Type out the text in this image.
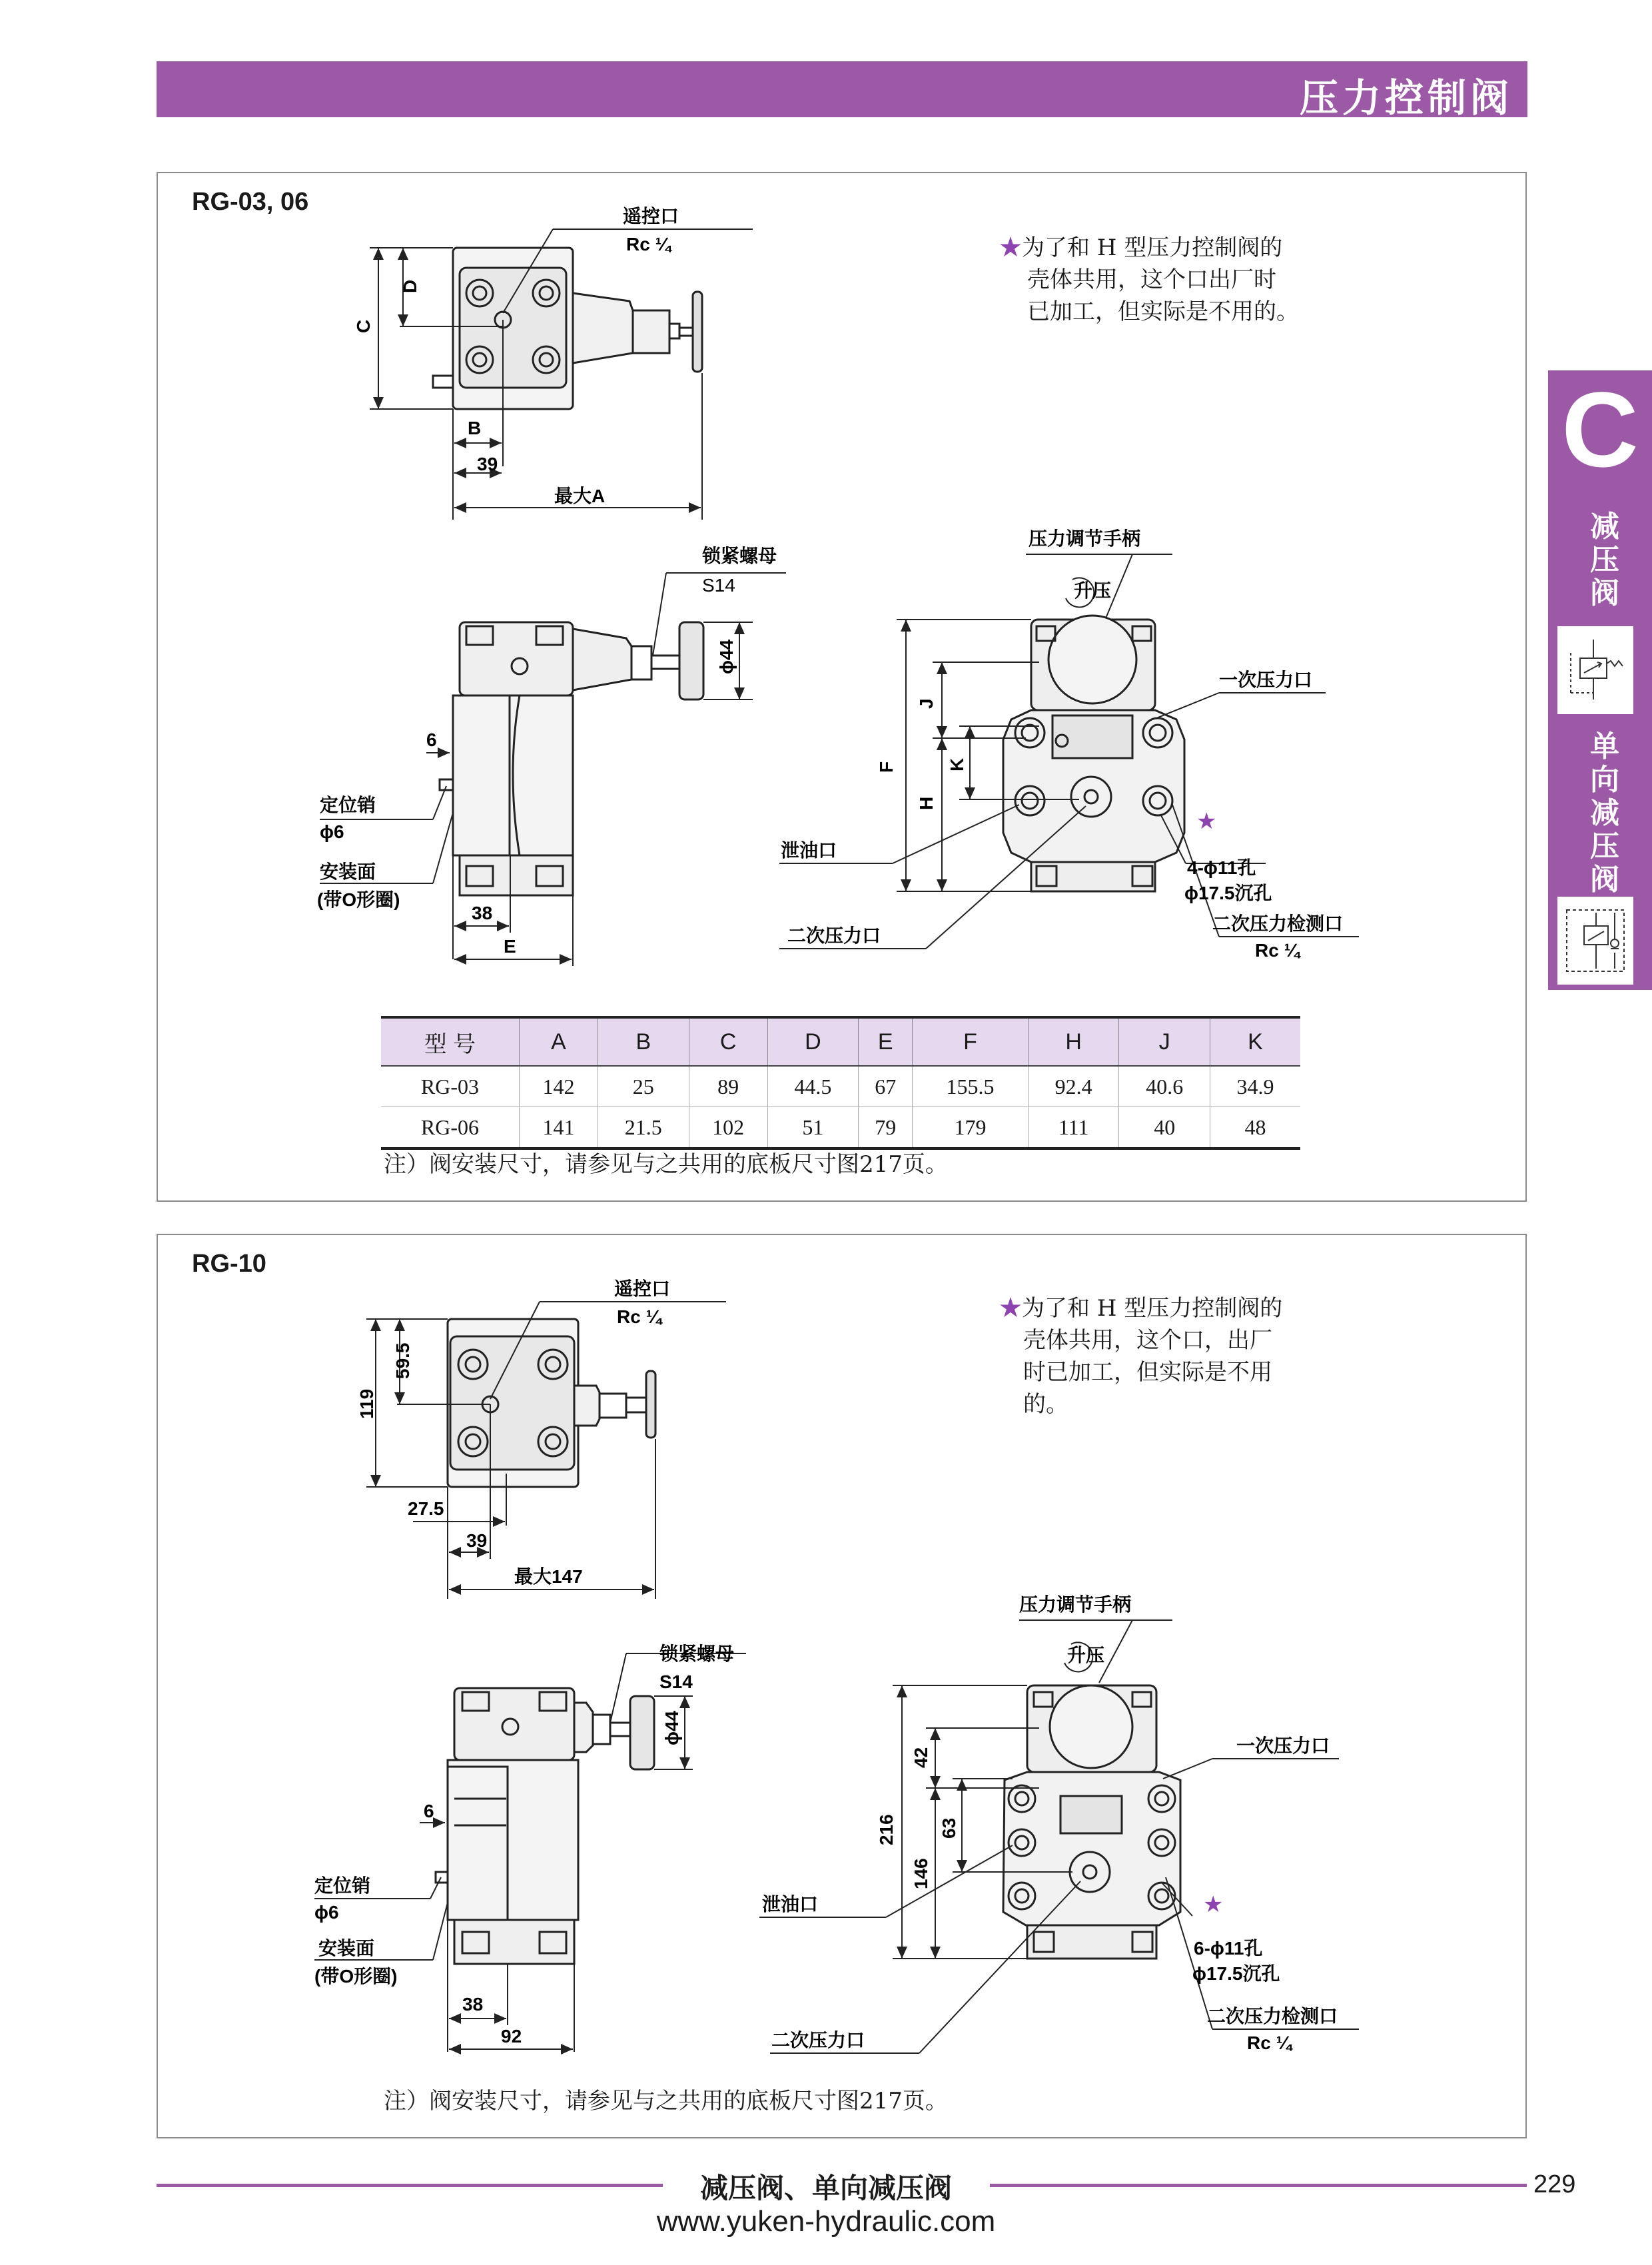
压力控制阀
C
减压阀
单向减压阀
RG-03, 06
★为了和 H 型压力控制阀的
壳体共用，这个口出厂时
已加工，但实际是不用的。
C
D
B
39
最大A
遥控口
Rc ¼
锁紧螺母
S14
ϕ44
6
定位销
ϕ6
安装面
(带O形圈)
38
E
压力调节手柄
升压
一次压力口
F
J
H
K
泄油口
二次压力口
★
4-ϕ11孔
ϕ17.5沉孔
二次压力检测口
Rc ¼
型 号	A	B	C	D	E	F	H	J	K
RG-03	142	25	89	44.5	67	155.5	92.4	40.6	34.9
RG-06	141	21.5	102	51	79	179	111	40	48
注）阀安装尺寸，请参见与之共用的底板尺寸图217页。
RG-10
★为了和 H 型压力控制阀的
壳体共用，这个口，出厂
时已加工，但实际是不用
的。
119
59.5
27.5
39
最大147
遥控口
Rc ¼
锁紧螺母
S14
ϕ44
6
定位销
ϕ6
安装面
(带O形圈)
38
92
压力调节手柄
升压
一次压力口
216
42
146
63
泄油口
二次压力口
★
6-ϕ11孔
ϕ17.5沉孔
二次压力检测口
Rc ¼
注）阀安装尺寸，请参见与之共用的底板尺寸图217页。
减压阀、单向减压阀	229
www.yuken-hydraulic.com
